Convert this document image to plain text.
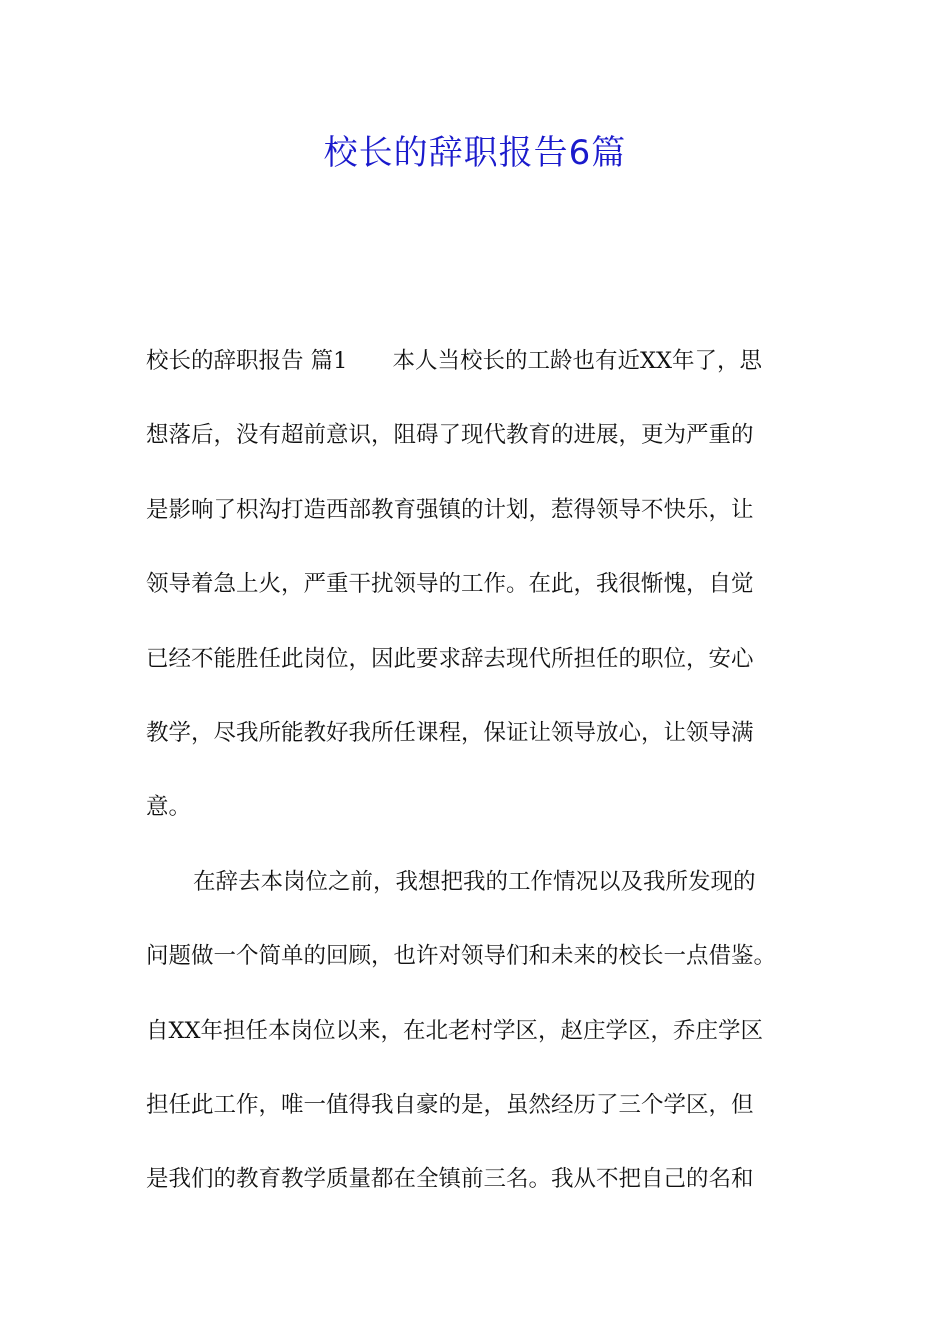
校长的辞职报告6篇
校长的辞职报告 篇1　　本人当校长的工龄也有近XX年了，思
想落后，没有超前意识，阻碍了现代教育的进展，更为严重的
是影响了枳沟打造西部教育强镇的计划，惹得领导不快乐，让
领导着急上火，严重干扰领导的工作。在此，我很惭愧，自觉
已经不能胜任此岗位，因此要求辞去现代所担任的职位，安心
教学，尽我所能教好我所任课程，保证让领导放心，让领导满
意。
在辞去本岗位之前，我想把我的工作情况以及我所发现的
问题做一个简单的回顾，也许对领导们和未来的校长一点借鉴。
自XX年担任本岗位以来，在北老村学区，赵庄学区，乔庄学区
担任此工作，唯一值得我自豪的是，虽然经历了三个学区，但
是我们的教育教学质量都在全镇前三名。我从不把自己的名和
